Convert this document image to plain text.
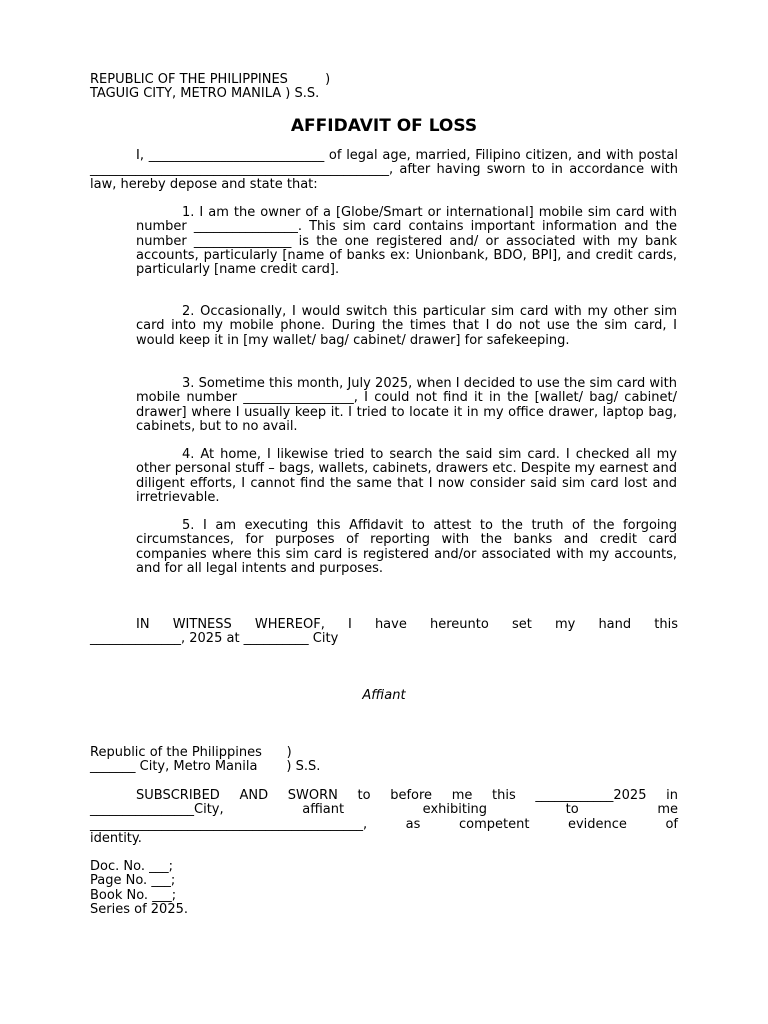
REPUBLIC OF THE PHILIPPINES         )
TAGUIG CITY, METRO MANILA ) S.S.
AFFIDAVIT OF LOSS
I, ___________________________ of legal age, married, Filipino citizen, and with postal ______________________________________________, after having sworn to in accordance with law, hereby depose and state that:
1. I am the owner of a [Globe/Smart or international] mobile sim card with number ________________. This sim card contains important information and the number _______________ is the one registered and/ or associated with my bank accounts, particularly [name of banks ex: Unionbank, BDO, BPI], and credit cards, particularly [name credit card].
2. Occasionally, I would switch this particular sim card with my other sim card into my mobile phone. During the times that I do not use the sim card, I would keep it in [my wallet/ bag/ cabinet/ drawer] for safekeeping.
3. Sometime this month, July 2025, when I decided to use the sim card with mobile number _________________, I could not find it in the [wallet/ bag/ cabinet/ drawer] where I usually keep it. I tried to locate it in my office drawer, laptop bag, cabinets, but to no avail.
4. At home, I likewise tried to search the said sim card. I checked all my other personal stuff – bags, wallets, cabinets, drawers etc. Despite my earnest and diligent efforts, I cannot find the same that I now consider said sim card lost and irretrievable.
5. I am executing this Affidavit to attest to the truth of the forgoing circumstances, for purposes of reporting with the banks and credit card companies where this sim card is registered and/or associated with my accounts, and for all legal intents and purposes.
IN WITNESS WHEREOF, I have hereunto set my hand this
______________, 2025 at __________ City
Affiant
Republic of the Philippines      )
_______ City, Metro Manila       ) S.S.
SUBSCRIBED AND SWORN to before me this ____________2025 in
________________City, affiant exhibiting to me
__________________________________________, as competent evidence of
identity.
Doc. No. ___;
Page No. ___;
Book No. ___;
Series of 2025.
